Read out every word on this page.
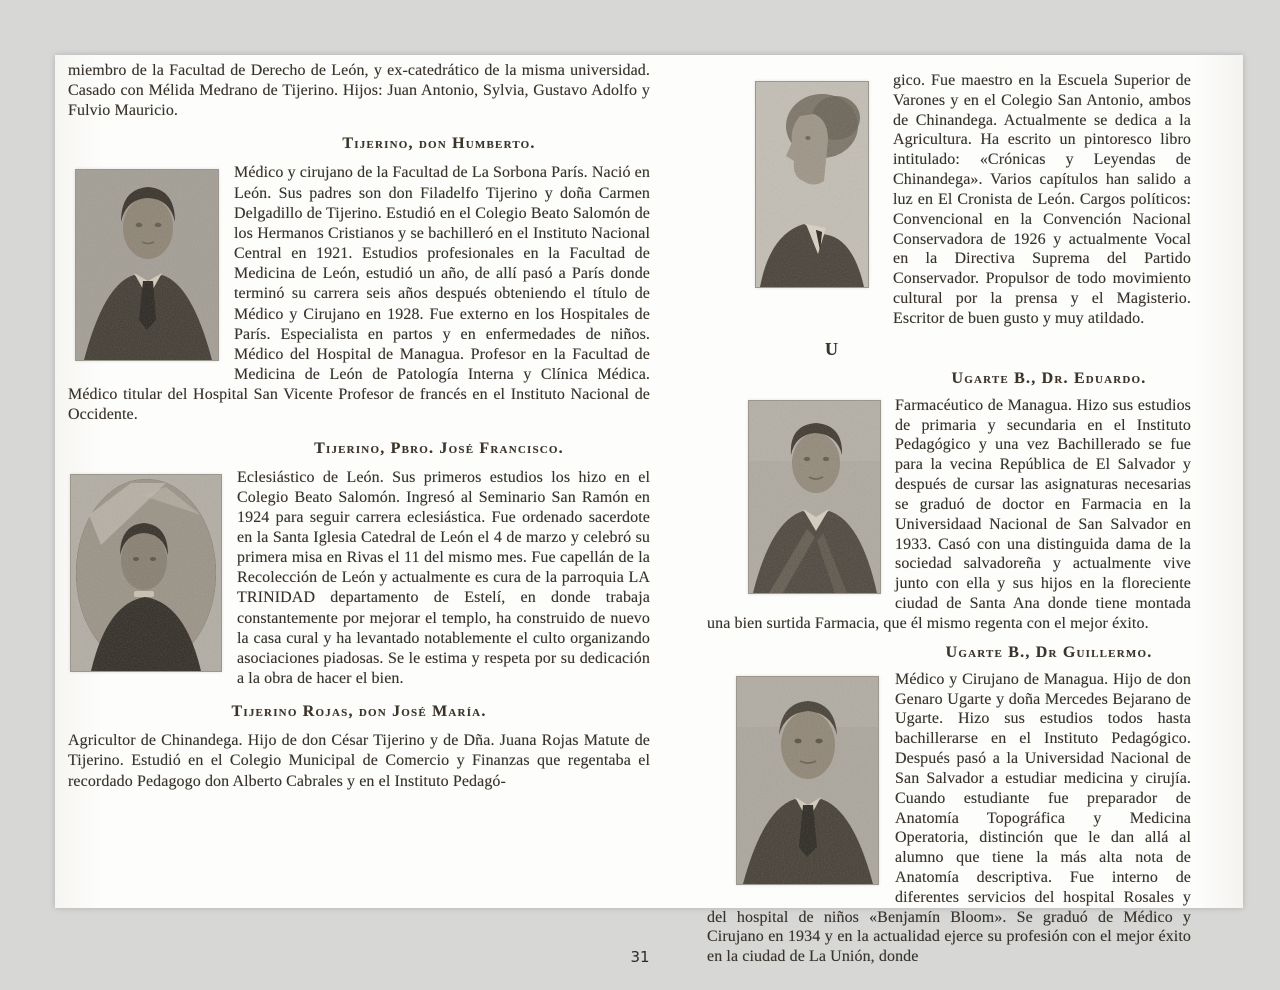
miembro de la Facultad de Derecho de León, y ex-catedrático de la misma universidad. Casado con Mélida Medrano de Tijerino. Hijos: Juan Antonio, Sylvia, Gustavo Adolfo y Fulvio Mauricio.

Tijerino, don Humberto.

Médico y cirujano de la Facultad de La Sorbona París. Nació en León. Sus padres son don Filadelfo Tijerino y doña Carmen Delgadillo de Tijerino. Estudió en el Colegio Beato Salomón de los Hermanos Cristianos y se bachilleró en el Instituto Nacional Central en 1921. Estudios profesionales en la Facultad de Medicina de León, estudió un año, de allí pasó a París donde terminó su carrera seis años después obteniendo el título de Médico y Cirujano en 1928. Fue externo en los Hospitales de París. Especialista en partos y en enfermedades de niños. Médico del Hospital de Managua. Profesor en la Facultad de Medicina de León de Patología Interna y Clínica Médica. Médico titular del Hospital San Vicente Profesor de francés en el Instituto Nacional de Occidente.

Tijerino, Pbro. José Francisco.

Eclesiástico de León. Sus primeros estudios los hizo en el Colegio Beato Salomón. Ingresó al Seminario San Ramón en 1924 para seguir carrera eclesiástica. Fue ordenado sacerdote en la Santa Iglesia Catedral de León el 4 de marzo y celebró su primera misa en Rivas el 11 del mismo mes. Fue capellán de la Recolección de León y actualmente es cura de la parroquia LA TRINIDAD departamento de Estelí, en donde trabaja constantemente por mejorar el templo, ha construido de nuevo la casa cural y ha levantado notablemente el culto organizando asociaciones piadosas. Se le estima y respeta por su dedicación a la obra de hacer el bien.

Tijerino Rojas, don José María.

Agricultor de Chinandega. Hijo de don César Tijerino y de Dña. Juana Rojas Matute de Tijerino. Estudió en el Colegio Municipal de Comercio y Finanzas que regentaba el recordado Pedagogo don Alberto Cabrales y en el Instituto Pedagó-

gico. Fue maestro en la Escuela Superior de Varones y en el Colegio San Antonio, ambos de Chinandega. Actualmente se dedica a la Agricultura. Ha escrito un pintoresco libro intitulado: «Crónicas y Leyendas de Chinandega». Varios capítulos han salido a luz en El Cronista de León. Cargos políticos: Convencional en la Convención Nacional Conservadora de 1926 y actualmente Vocal en la Directiva Suprema del Partido Conservador. Propulsor de todo movimiento cultural por la prensa y el Magisterio. Escritor de buen gusto y muy atildado.

U
Ugarte B., Dr. Eduardo.

Farmacéutico de Managua. Hizo sus estudios de primaria y secundaria en el Instituto Pedagógico y una vez Bachillerado se fue para la vecina República de El Salvador y después de cursar las asignaturas necesarias se graduó de doctor en Farmacia en la Universidaad Nacional de San Salvador en 1933. Casó con una distinguida dama de la sociedad salvadoreña y actualmente vive junto con ella y sus hijos en la floreciente ciudad de Santa Ana donde tiene montada una bien surtida Farmacia, que él mismo regenta con el mejor éxito.

Ugarte B., Dr Guillermo.

Médico y Cirujano de Managua. Hijo de don Genaro Ugarte y doña Mercedes Bejarano de Ugarte. Hizo sus estudios todos hasta bachillerarse en el Instituto Pedagógico. Después pasó a la Universidad Nacional de San Salvador a estudiar medicina y cirujía. Cuando estudiante fue preparador de Anatomía Topográfica y Medicina Operatoria, distinción que le dan allá al alumno que tiene la más alta nota de Anatomía descriptiva. Fue interno de diferentes servicios del hospital Rosales y del hospital de niños «Benjamín Bloom». Se graduó de Médico y Cirujano en 1934 y en la actualidad ejerce su profesión con el mejor éxito en la ciudad de La Unión, donde

31
